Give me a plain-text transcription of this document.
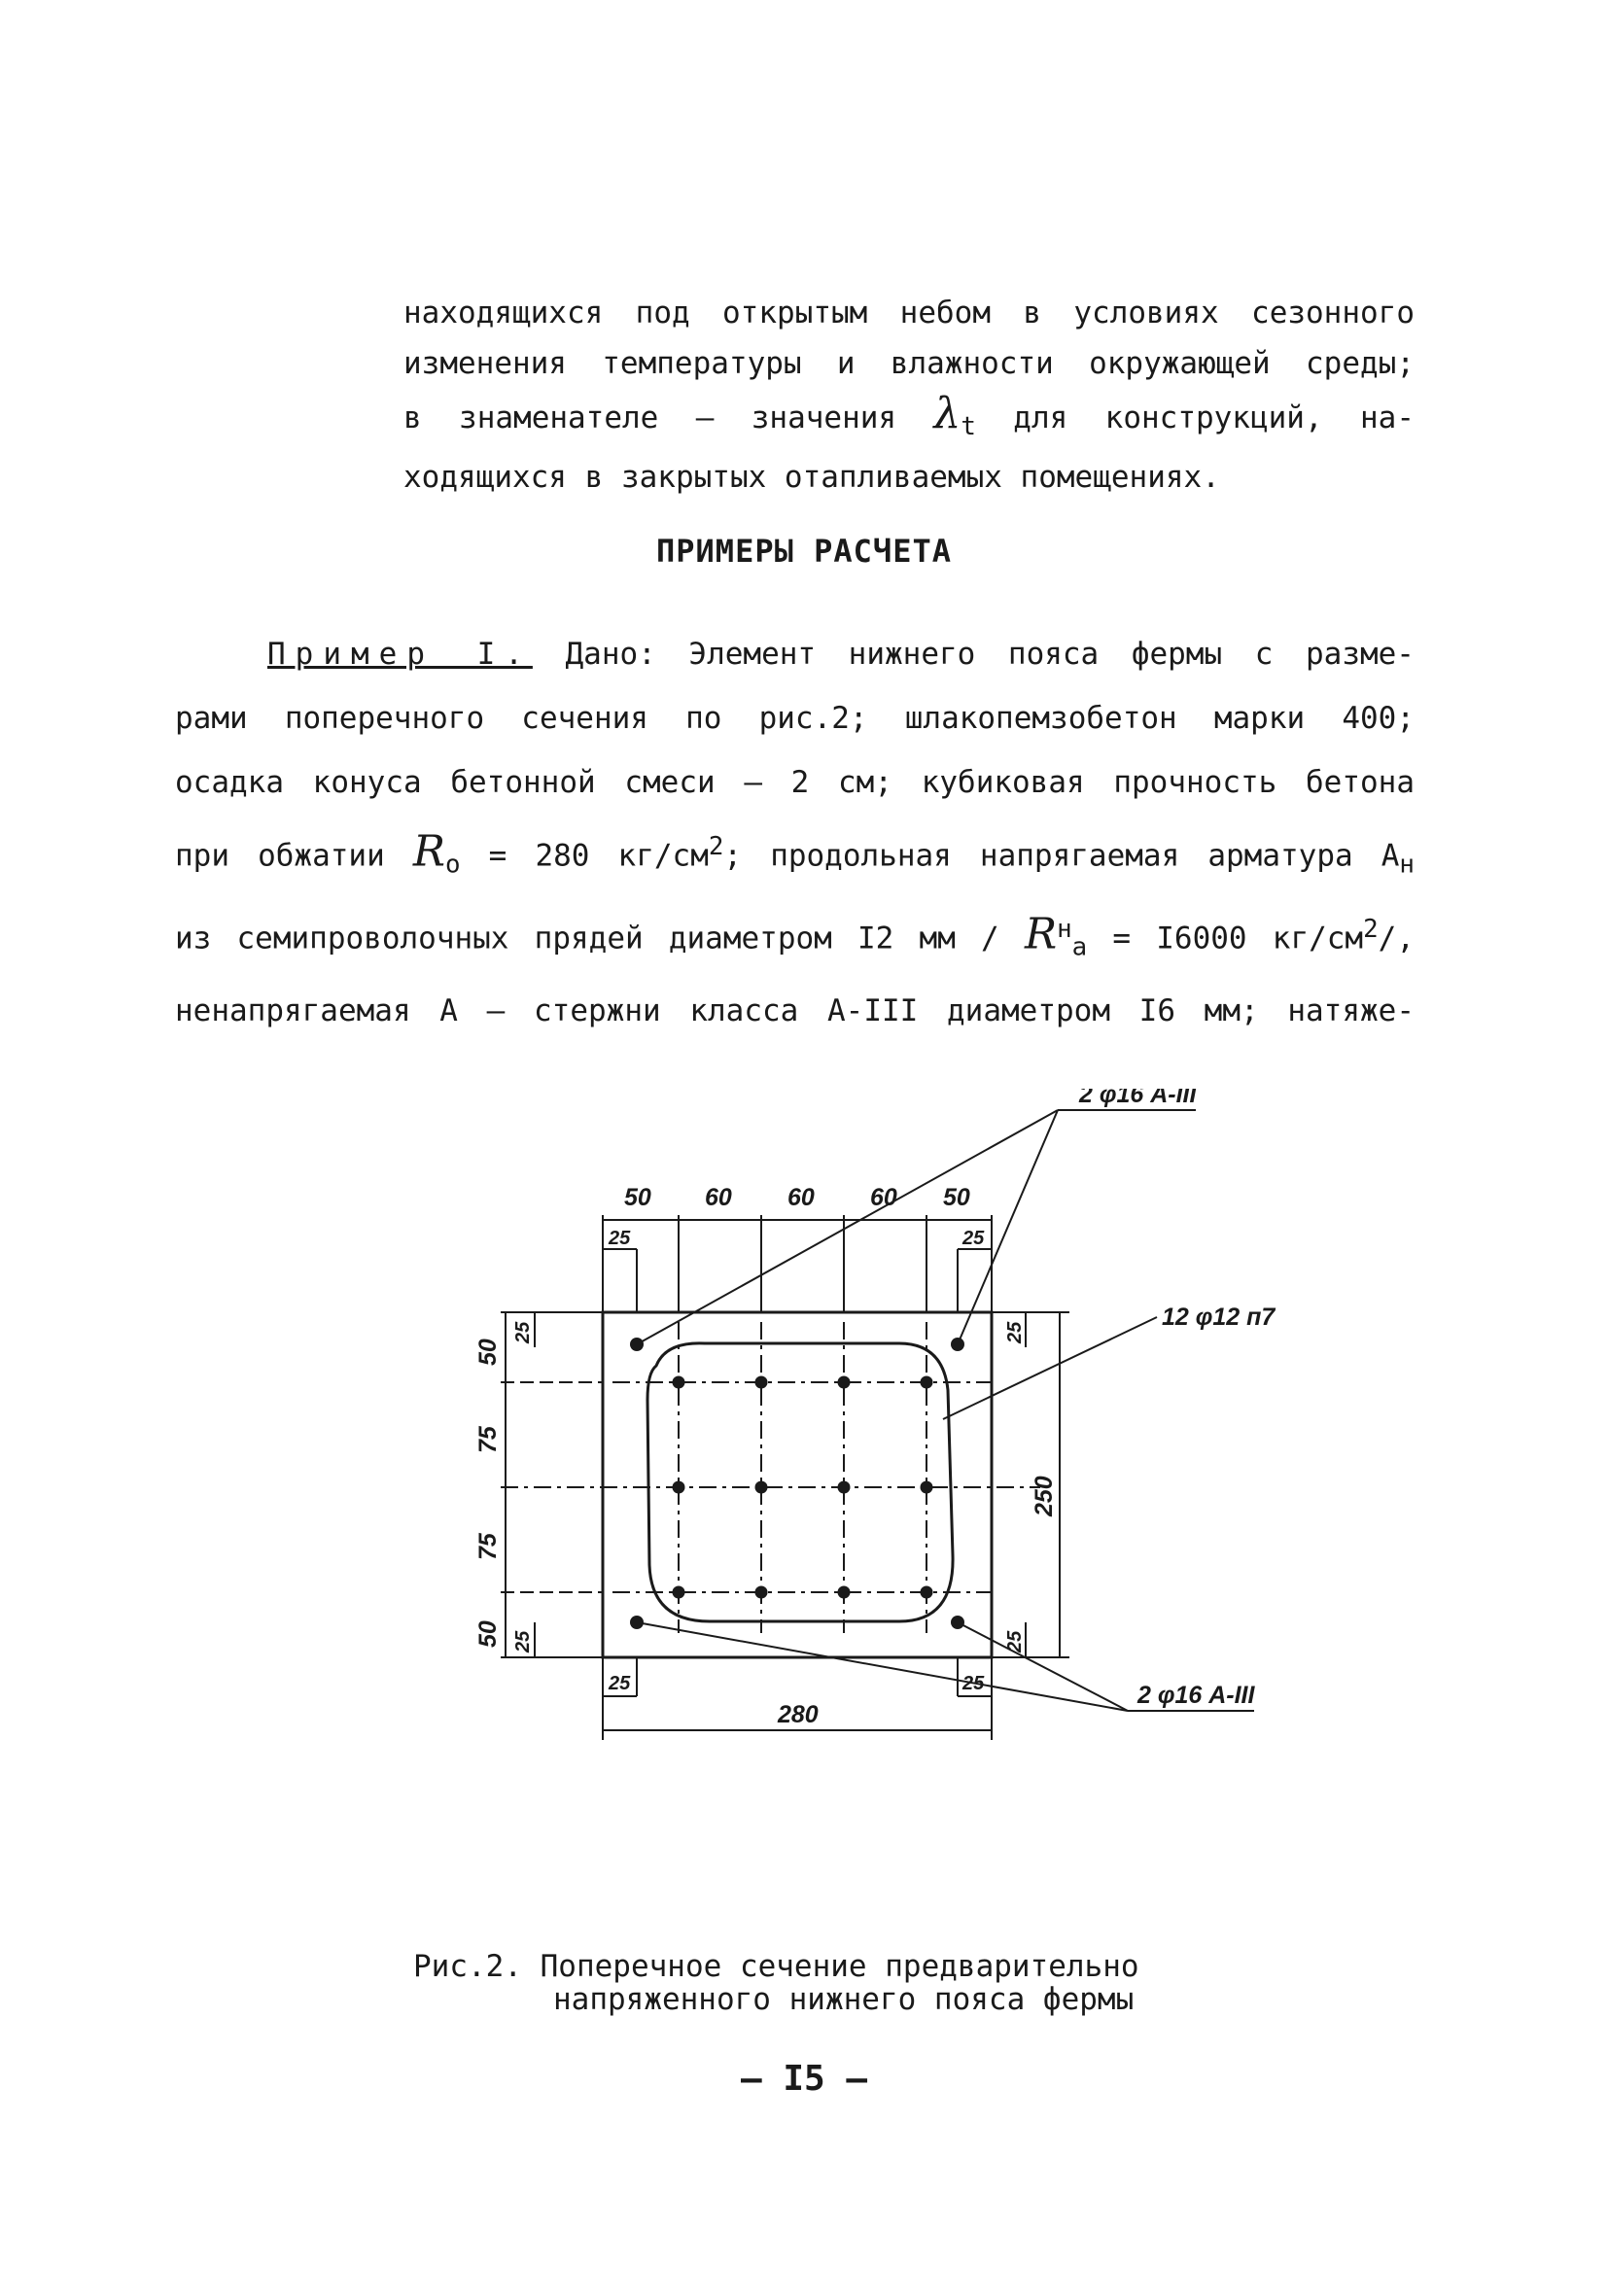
находящихся под открытым небом в условиях сезонного
изменения температуры и влажности окружающей среды;
в знаменателе – значения $\lambda_t$ для конструкций, на-
ходящихся в закрытых отапливаемых помещениях.
ПРИМЕРЫ РАСЧЕТА
Пример I. Дано: Элемент нижнего пояса фермы с разме-
рами поперечного сечения по рис.2; шлакопемзобетон марки 400;
осадка конуса бетонной смеси – 2 см; кубиковая прочность бетона
при обжатии $R_o = 280$ $кг/см^2$; продольная напрягаемая арматура $А_н$
из семипроволочных прядей диаметром I2 мм / $R^н_a = I6000$ $кг/см^2/$,
ненапрягаемая А – стержни класса А-III диаметром I6 мм; натяже-
50 60 60 60 50
25	25
50
75
75
50
25
25
25
25
250
25	25
280
2 φ16 А-III
12 φ12 п7
2 φ16 А-III
Рис.2. Поперечное сечение предварительно
напряженного нижнего пояса фермы
– I5 –
